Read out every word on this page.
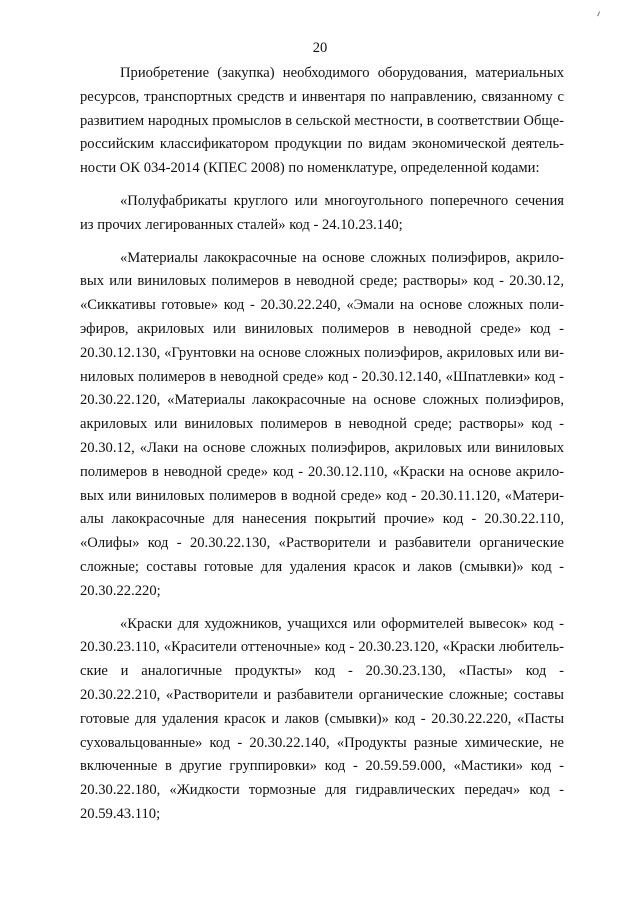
20

Приобретение (закупка) необходимого оборудования, материальных ресурсов, транспортных средств и инвентаря по направлению, связанному с развитием народных промыслов в сельской местности, в соответствии Общероссийским классификатором продукции по видам экономической деятельности ОК 034-2014 (КПЕС 2008) по номенклатуре, определенной кодами:

«Полуфабрикаты круглого или многоугольного поперечного сечения из прочих легированных сталей» код - 24.10.23.140;

«Материалы лакокрасочные на основе сложных полиэфиров, акриловых или виниловых полимеров в неводной среде; растворы» код - 20.30.12, «Сиккативы готовые» код - 20.30.22.240, «Эмали на основе сложных полиэфиров, акриловых или виниловых полимеров в неводной среде» код - 20.30.12.130, «Грунтовки на основе сложных полиэфиров, акриловых или виниловых полимеров в неводной среде» код - 20.30.12.140, «Шпатлевки» код - 20.30.22.120, «Материалы лакокрасочные на основе сложных полиэфиров, акриловых или виниловых полимеров в неводной среде; растворы» код - 20.30.12, «Лаки на основе сложных полиэфиров, акриловых или виниловых полимеров в неводной среде» код - 20.30.12.110, «Краски на основе акриловых или виниловых полимеров в водной среде» код - 20.30.11.120, «Материалы лакокрасочные для нанесения покрытий прочие» код - 20.30.22.110, «Олифы» код - 20.30.22.130, «Растворители и разбавители органические сложные; составы готовые для удаления красок и лаков (смывки)» код - 20.30.22.220;

«Краски для художников, учащихся или оформителей вывесок» код - 20.30.23.110, «Красители оттеночные» код - 20.30.23.120, «Краски любительские и аналогичные продукты» код - 20.30.23.130, «Пасты» код - 20.30.22.210, «Растворители и разбавители органические сложные; составы готовые для удаления красок и лаков (смывки)» код - 20.30.22.220, «Пасты суховальцованные» код - 20.30.22.140, «Продукты разные химические, не включенные в другие группировки» код - 20.59.59.000, «Мастики» код - 20.30.22.180, «Жидкости тормозные для гидравлических передач» код - 20.59.43.110;
